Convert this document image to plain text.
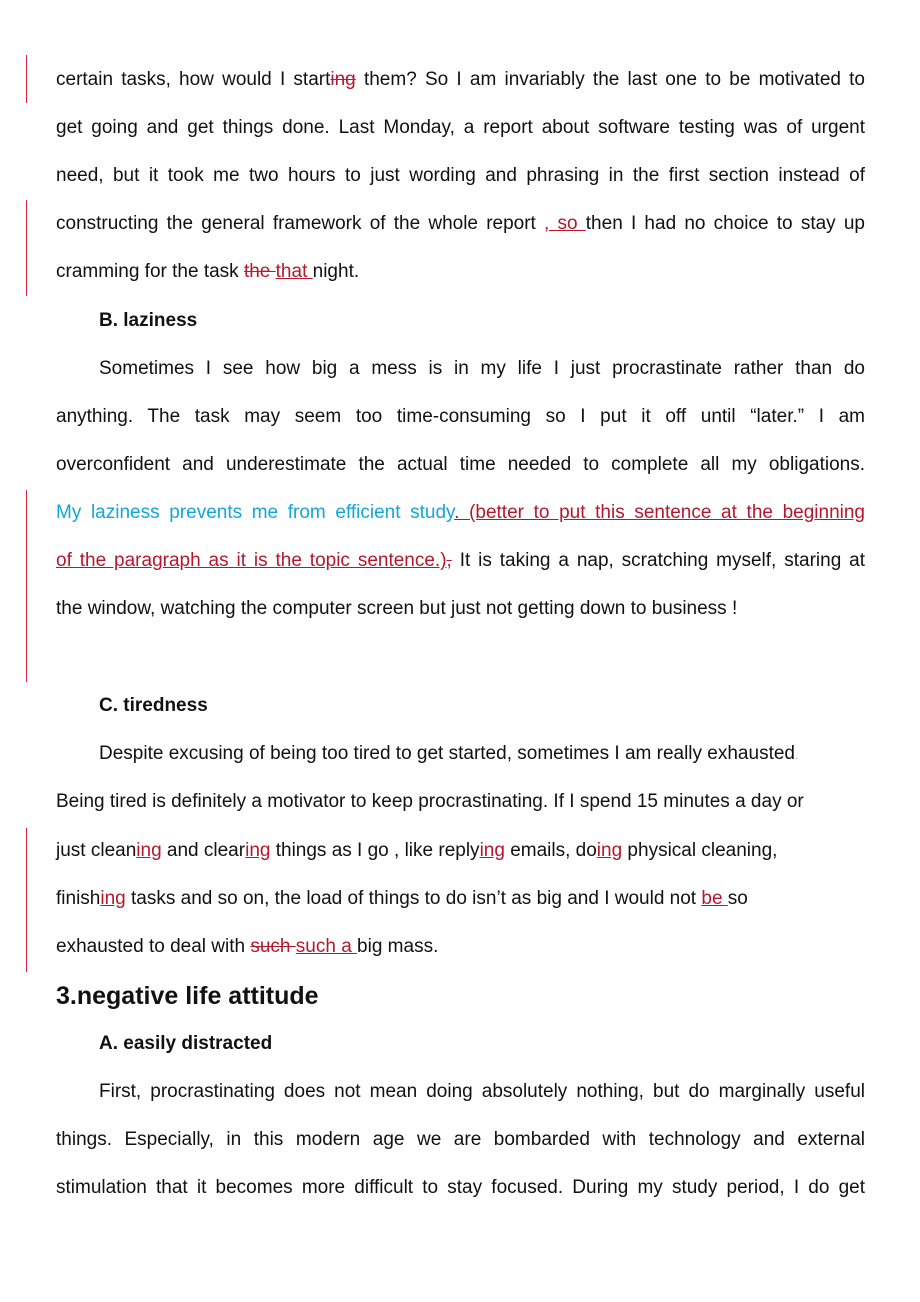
certain tasks, how would I starting them? So I am invariably the last one to be motivated to
get going and get things done. Last Monday, a report about software testing was of urgent
need, but it took me two hours to just wording and phrasing in the first section instead of
constructing the general framework of the whole report , so then I had no choice to stay up
cramming for the task the that night.
B. laziness
Sometimes I see how big a mess is in my life I just procrastinate rather than do
anything. The task may seem too time-consuming so I put it off until “later.” I am
overconfident and underestimate the actual time needed to complete all my obligations.
My laziness prevents me from efficient study. (better to put this sentence at the beginning
of the paragraph as it is the topic sentence.), It is taking a nap, scratching myself, staring at
the window, watching the computer screen but just not getting down to business !
C. tiredness
Despite excusing of being too tired to get started, sometimes I am really exhausted.
Being tired is definitely a motivator to keep procrastinating. If I spend 15 minutes a day or
just cleaning and clearing things as I go , like replying emails, doing physical cleaning,
finishing tasks and so on, the load of things to do isn’t as big and I would not be so
exhausted to deal with such such a big mass.
3.negative life attitude
A. easily distracted
First, procrastinating does not mean doing absolutely nothing, but do marginally useful
things. Especially, in this modern age we are bombarded with technology and external
stimulation that it becomes more difficult to stay focused. During my study period, I do get
